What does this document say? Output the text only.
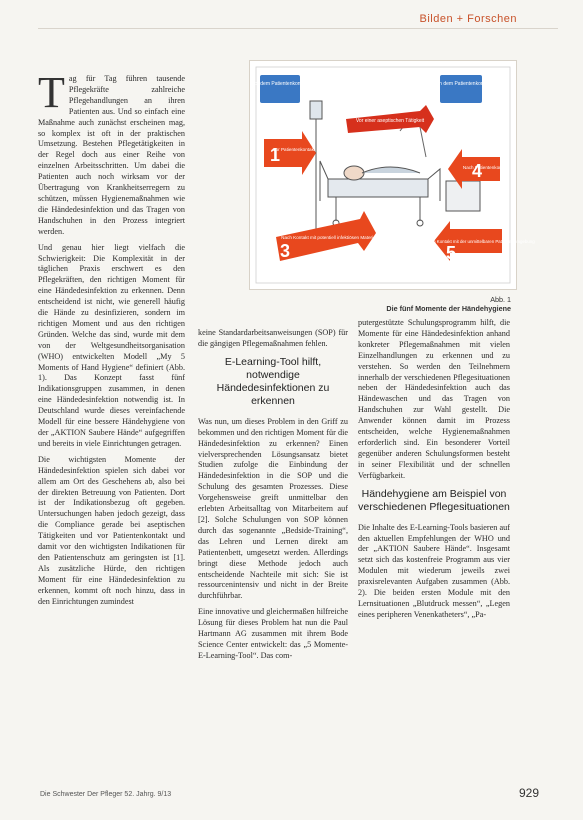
Bilden + Forschen

Tag für Tag führen tausende Pflegekräfte zahlreiche Pflegehandlungen an ihren Patienten aus. Und so einfach eine Maßnahme auch zunächst erscheinen mag, so komplex ist oft in der praktischen Umsetzung. Bestehen Pflegetätigkeiten in der Regel doch aus einer Reihe von einzelnen Arbeitsschritten. Um dabei die Patienten auch noch wirksam vor der Übertragung von Krankheitserregern zu schützen, müssen Hygienemaßnahmen wie die Händedesinfektion und das Tragen von Handschuhen in den Prozess integriert werden.

Und genau hier liegt vielfach die Schwierigkeit: Die Komplexität in der täglichen Praxis erschwert es den Pflegekräften, den richtigen Moment für eine Händedesinfektion zu erkennen. Denn entscheidend ist nicht, wie generell häufig die Hände zu desinfizieren, sondern im richtigen Moment und aus den richtigen Gründen. Welche das sind, wurde mit dem von der Weltgesundheitsorganisation (WHO) entwickelten Modell „My 5 Moments of Hand Hygiene“ definiert (Abb. 1). Das Konzept fasst fünf Indikationsgruppen zusammen, in denen eine Händedesinfektion notwendig ist. In Deutschland wurde dieses vereinfachende Modell für eine bessere Händehygiene von der „AKTION Saubere Hände“ aufgegriffen und bereits in viele Einrichtungen getragen.

Die wichtigsten Momente der Händedesinfektion spielen sich dabei vor allem am Ort des Geschehens ab, also bei der direkten Betreuung von Patienten. Dort ist der Indikationsbezug oft gegeben. Untersuchungen haben jedoch gezeigt, dass die Compliance gerade bei aseptischen Tätigkeiten und vor Patientenkontakt und damit vor den wichtigsten Indikationen für den Patientenschutz am geringsten ist [1]. Als zusätzliche Hürde, den richtigen Moment für eine Händedesinfektion zu erkennen, kommt oft noch hinzu, dass in den Einrichtungen zumindest

Vor dem Patientenkontakt	Nach dem Patientenkontakt
Vor einer aseptischen Tätigkeit
1
Vor Patientenkontakt
4
Nach Patientenkontakt
3
Nach Kontakt mit potentiell infektiösen Materialien
5
Nach Kontakt mit der unmittelbaren Patientenumgebung
Abb. 1
Die fünf Momente der Händehygiene

keine Standardarbeitsanweisungen (SOP) für die gängigen Pflegemaßnahmen fehlen.

E-Learning-Tool hilft, notwendige Händedesinfektionen zu erkennen

Was nun, um dieses Problem in den Griff zu bekommen und den richtigen Moment für die Händedesinfektion zu erkennen? Einen vielversprechenden Lösungsansatz bietet Studien zufolge die Einbindung der Händedesinfektion in die SOP und die Schulung des gesamten Prozesses. Diese Vorgehensweise greift unmittelbar den erlebten Arbeitsalltag von Mitarbeitern auf [2]. Solche Schulungen von SOP können durch das sogenannte „Bedside-Training“, das Lehren und Lernen direkt am Patientenbett, umgesetzt werden. Allerdings bringt diese Methode jedoch auch entscheidende Nachteile mit sich: Sie ist ressourcenintensiv und nicht in der Breite durchführbar.

Eine innovative und gleichermaßen hilfreiche Lösung für dieses Problem hat nun die Paul Hartmann AG zusammen mit ihrem Bode Science Center entwickelt: das „5 Momente-E-Learning-Tool“. Das com-

putergestützte Schulungsprogramm hilft, die Momente für eine Händedesinfektion anhand konkreter Pflegemaßnahmen mit vielen Einzelhandlungen zu erkennen und zu verstehen. So werden den Teilnehmern innerhalb der verschiedenen Pflegesituationen neben der Händedesinfektion auch das Händewaschen und das Tragen von Handschuhen zur Wahl gestellt. Die Anwender können damit im Prozess entscheiden, welche Hygienemaßnahmen erforderlich sind. Ein besonderer Vorteil gegenüber anderen Schulungsformen besteht in seiner Flexibilität und der schnellen Verfügbarkeit.

Händehygiene am Beispiel von verschiedenen Pflegesituationen

Die Inhalte des E-Learning-Tools basieren auf den aktuellen Empfehlungen der WHO und der „AKTION Saubere Hände“. Insgesamt setzt sich das kostenfreie Programm aus vier Modulen mit wiederum jeweils zwei praxisrelevanten Aufgaben zusammen (Abb. 2). Die beiden ersten Module mit den Lernsituationen „Blutdruck messen“, „Legen eines peripheren Venenkatheters“, „Pa-

Die Schwester Der Pfleger 52. Jahrg. 9/13	929
